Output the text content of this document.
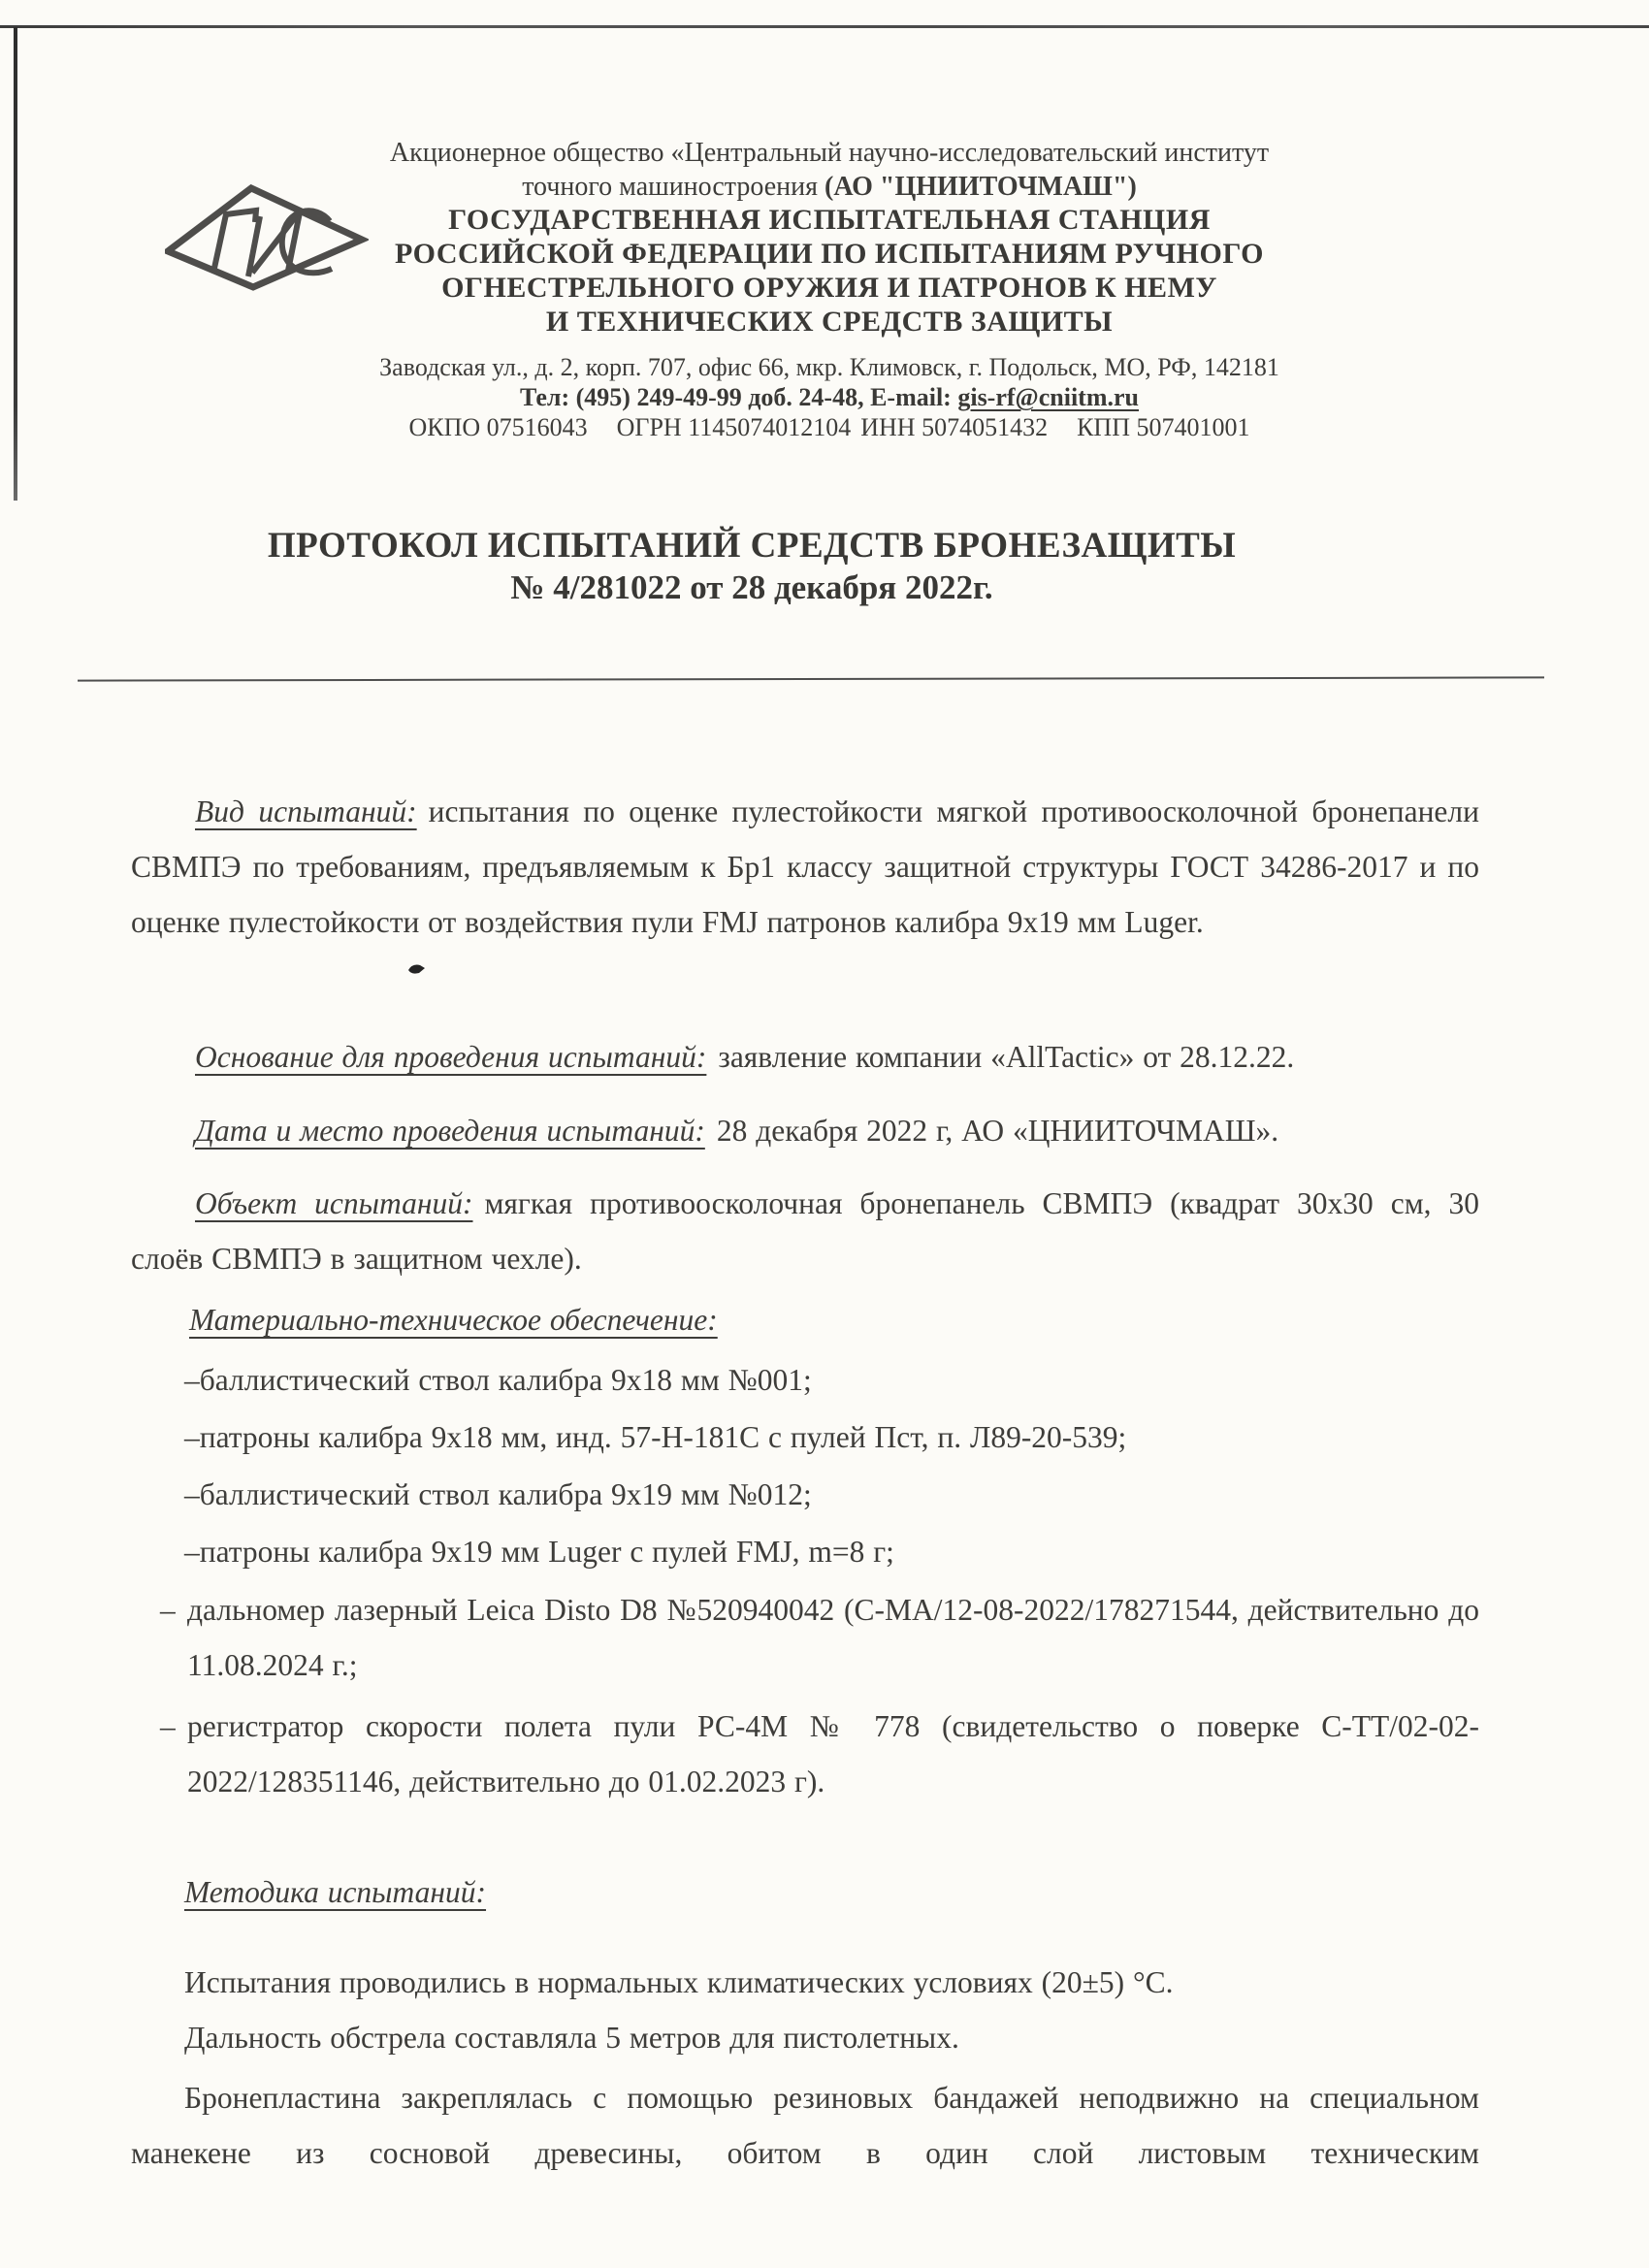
Акционерное общество «Центральный научно-исследовательский институт
точного машиностроения (АО "ЦНИИТОЧМАШ")
ГОСУДАРСТВЕННАЯ ИСПЫТАТЕЛЬНАЯ СТАНЦИЯ
РОССИЙСКОЙ ФЕДЕРАЦИИ ПО ИСПЫТАНИЯМ РУЧНОГО
ОГНЕСТРЕЛЬНОГО ОРУЖИЯ И ПАТРОНОВ К НЕМУ
И ТЕХНИЧЕСКИХ СРЕДСТВ ЗАЩИТЫ
Заводская ул., д. 2, корп. 707, офис 66, мкр. Климовск, г. Подольск, МО, РФ, 142181
Тел: (495) 249-49-99 доб. 24-48, E-mail: gis-rf@cniitm.ru
ОКПО 07516043 ОГРН 1145074012104 ИНН 5074051432 КПП 507401001
ПРОТОКОЛ ИСПЫТАНИЙ СРЕДСТВ БРОНЕЗАЩИТЫ
№ 4/281022 от 28 декабря 2022г.
Вид испытаний: испытания по оценке пулестойкости мягкой противоосколочной бронепанели СВМПЭ по требованиям, предъявляемым к Бр1 классу защитной структуры ГОСТ 34286-2017 и по оценке пулестойкости от воздействия пули FMJ патронов калибра 9х19 мм Luger.
Основание для проведения испытаний: заявление компании «AllTactic» от 28.12.22.
Дата и место проведения испытаний: 28 декабря 2022 г, АО «ЦНИИТОЧМАШ».
Объект испытаний: мягкая противоосколочная бронепанель СВМПЭ (квадрат 30х30 см, 30 слоёв СВМПЭ в защитном чехле).
Материально-техническое обеспечение:
–баллистический ствол калибра 9х18 мм №001;
–патроны калибра 9х18 мм, инд. 57-Н-181С с пулей Пст, п. Л89-20-539;
–баллистический ствол калибра 9х19 мм №012;
–патроны калибра 9х19 мм Luger с пулей FMJ, m=8 г;
– дальномер лазерный Leica Disto D8 №520940042 (С-МА/12-08-2022/178271544, действительно до 11.08.2024 г.;
– регистратор скорости полета пули РС-4М № 778 (свидетельство о поверке С-ТТ/02-02-2022/128351146, действительно до 01.02.2023 г).
Методика испытаний:
Испытания проводились в нормальных климатических условиях (20±5) °С.
Дальность обстрела составляла 5 метров для пистолетных.
Бронепластина закреплялась с помощью резиновых бандажей неподвижно на специальном манекене из сосновой древесины, обитом в один слой листовым техническим
